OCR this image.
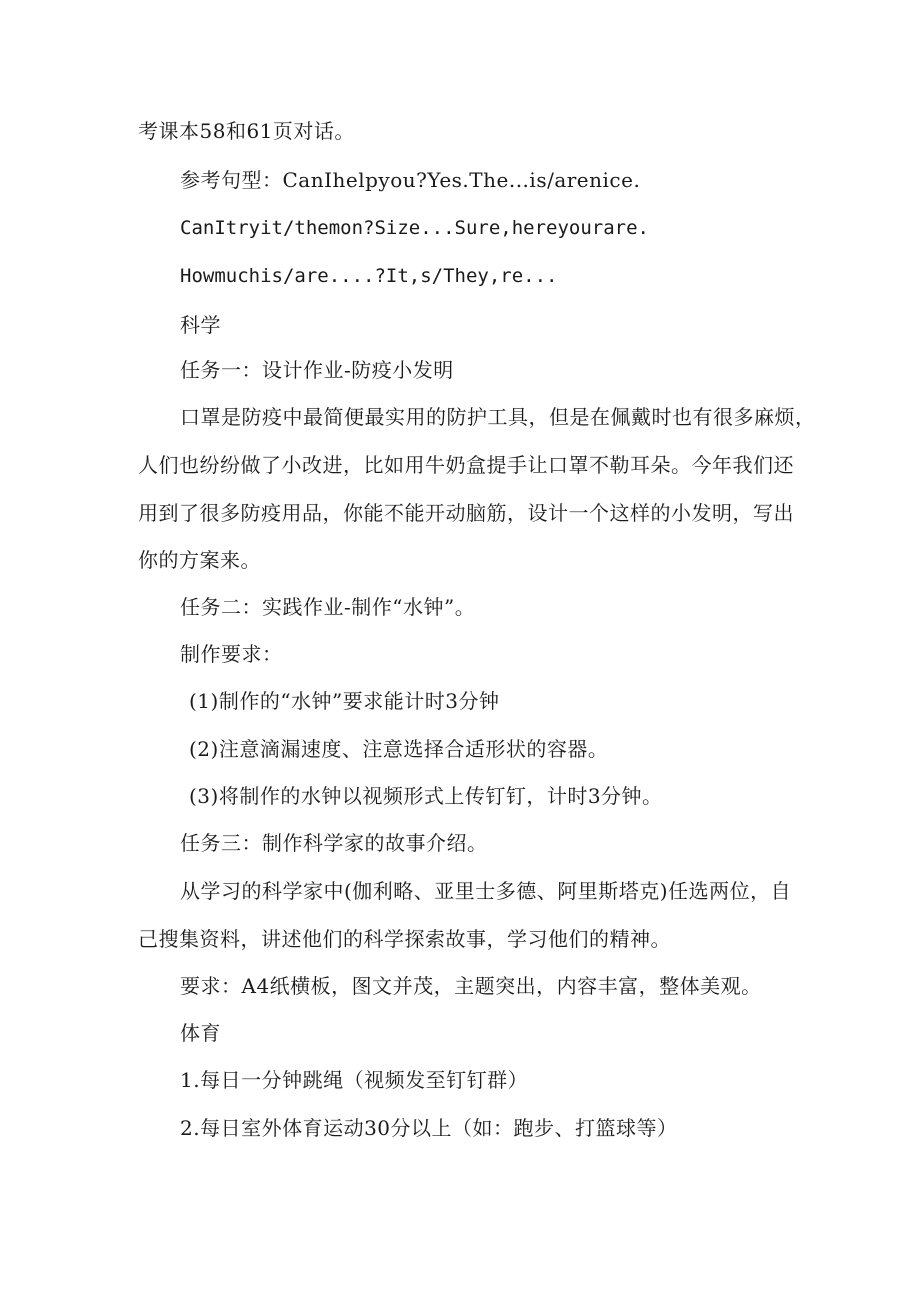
考课本58和61页对话。
参考句型：CanIhelpyou?Yes.The...is/arenice.
CanItryit/themon?Size...Sure,hereyourare.
Howmuchis/are....?It,s/They,re...
科学
任务一：设计作业-防疫小发明
口罩是防疫中最简便最实用的防护工具，但是在佩戴时也有很多麻烦，
人们也纷纷做了小改进，比如用牛奶盒提手让口罩不勒耳朵。今年我们还
用到了很多防疫用品，你能不能开动脑筋，设计一个这样的小发明，写出
你的方案来。
任务二：实践作业-制作“水钟”。
制作要求：
(1)制作的“水钟”要求能计时3分钟
(2)注意滴漏速度、注意选择合适形状的容器。
(3)将制作的水钟以视频形式上传钉钉，计时3分钟。
任务三：制作科学家的故事介绍。
从学习的科学家中(伽利略、亚里士多德、阿里斯塔克)任选两位，自
己搜集资料，讲述他们的科学探索故事，学习他们的精神。
要求：A4纸横板，图文并茂，主题突出，内容丰富，整体美观。
体育
1.每日一分钟跳绳（视频发至钉钉群）
2.每日室外体育运动30分以上（如：跑步、打篮球等）
